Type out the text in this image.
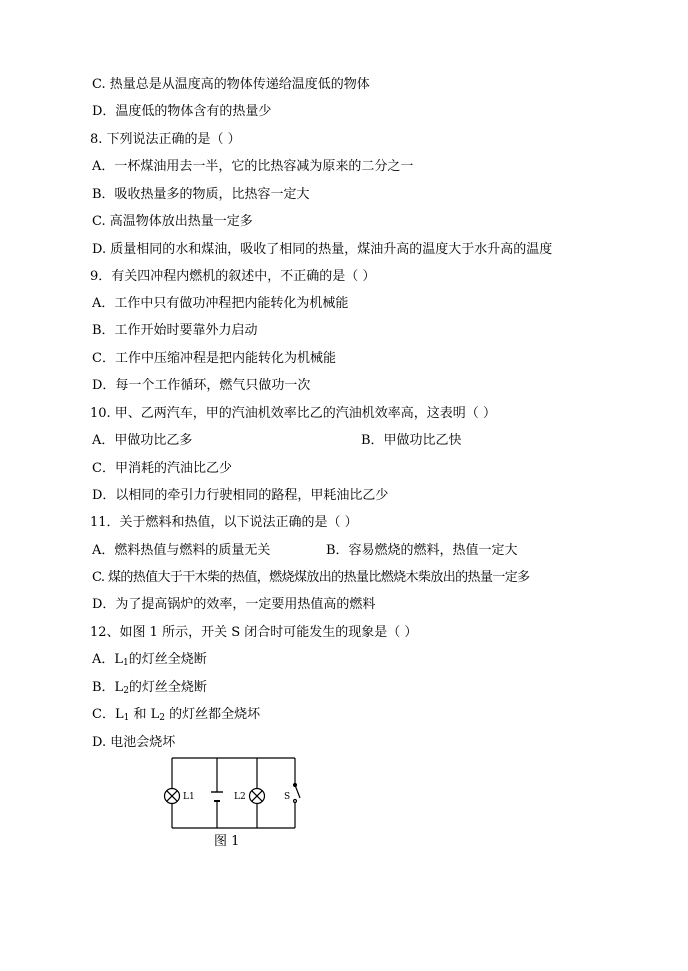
C. 热量总是从温度高的物体传递给温度低的物体
D．温度低的物体含有的热量少
8. 下列说法正确的是（ ）
A．一杯煤油用去一半，它的比热容减为原来的二分之一
B．吸收热量多的物质，比热容一定大
C. 高温物体放出热量一定多
D. 质量相同的水和煤油，吸收了相同的热量，煤油升高的温度大于水升高的温度
9．有关四冲程内燃机的叙述中，不正确的是（ ）
A．工作中只有做功冲程把内能转化为机械能
B．工作开始时要靠外力启动
C．工作中压缩冲程是把内能转化为机械能
D．每一个工作循环，燃气只做功一次
10. 甲、乙两汽车，甲的汽油机效率比乙的汽油机效率高，这表明（ ）
A．甲做功比乙多	B．甲做功比乙快
C．甲消耗的汽油比乙少
D．以相同的牵引力行驶相同的路程，甲耗油比乙少
11．关于燃料和热值，以下说法正确的是（ ）
A．燃料热值与燃料的质量无关	B．容易燃烧的燃料，热值一定大
C. 煤的热值大于干木柴的热值，燃烧煤放出的热量比燃烧木柴放出的热量一定多
D．为了提高锅炉的效率，一定要用热值高的燃料
12、如图 1 所示，开关 S 闭合时可能发生的现象是（ ）
A．$L_1$的灯丝全烧断
B．$L_2$的灯丝全烧断
C．$L_1$ 和 $L_2$ 的灯丝都全烧坏
D. 电池会烧坏
L1	L2	S
图 1
